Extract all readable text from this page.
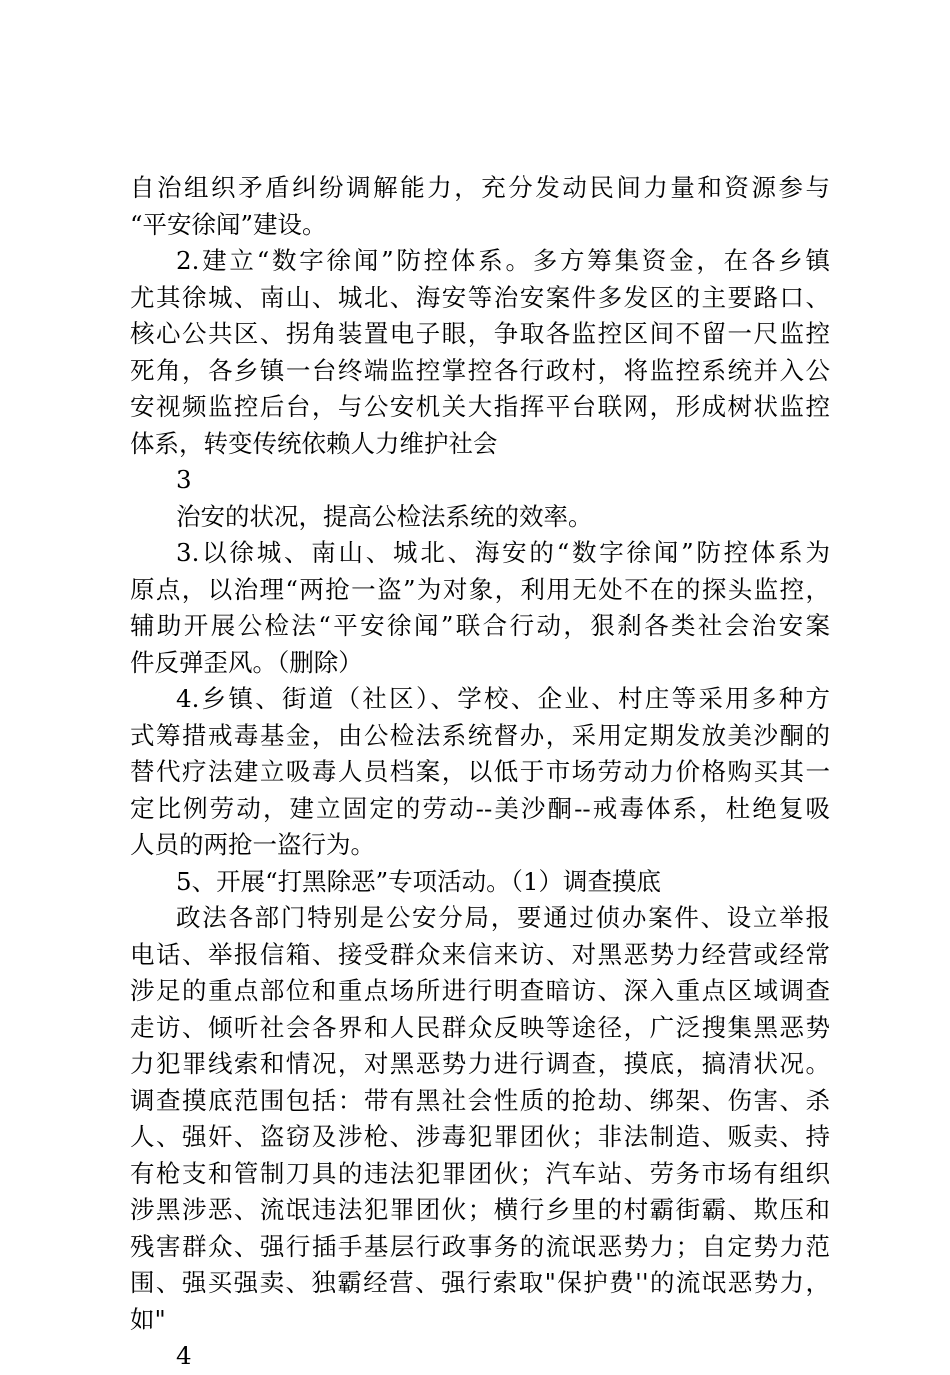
自治组织矛盾纠纷调解能力，充分发动民间力量和资源参与
“平安徐闻”建设。
2.建立“数字徐闻”防控体系。多方筹集资金，在各乡镇
尤其徐城、南山、城北、海安等治安案件多发区的主要路口、
核心公共区、拐角装置电子眼，争取各监控区间不留一尺监控
死角，各乡镇一台终端监控掌控各行政村，将监控系统并入公
安视频监控后台，与公安机关大指挥平台联网，形成树状监控
体系，转变传统依赖人力维护社会
3
治安的状况，提高公检法系统的效率。
3.以徐城、南山、城北、海安的“数字徐闻”防控体系为
原点，以治理“两抢一盗”为对象，利用无处不在的探头监控，
辅助开展公检法“平安徐闻”联合行动，狠刹各类社会治安案
件反弹歪风。（删除）
4.乡镇、街道（社区）、学校、企业、村庄等采用多种方
式筹措戒毒基金，由公检法系统督办，采用定期发放美沙酮的
替代疗法建立吸毒人员档案，以低于市场劳动力价格购买其一
定比例劳动，建立固定的劳动--美沙酮--戒毒体系，杜绝复吸
人员的两抢一盗行为。
5、开展“打黑除恶”专项活动。（1）调查摸底
政法各部门特别是公安分局，要通过侦办案件、设立举报
电话、举报信箱、接受群众来信来访、对黑恶势力经营或经常
涉足的重点部位和重点场所进行明查暗访、深入重点区域调查
走访、倾听社会各界和人民群众反映等途径，广泛搜集黑恶势
力犯罪线索和情况，对黑恶势力进行调查，摸底，搞清状况。
调查摸底范围包括：带有黑社会性质的抢劫、绑架、伤害、杀
人、强奸、盗窃及涉枪、涉毒犯罪团伙；非法制造、贩卖、持
有枪支和管制刀具的违法犯罪团伙；汽车站、劳务市场有组织
涉黑涉恶、流氓违法犯罪团伙；横行乡里的村霸街霸、欺压和
残害群众、强行插手基层行政事务的流氓恶势力；自定势力范
围、强买强卖、独霸经营、强行索取"保护费''的流氓恶势力，
如"
4
